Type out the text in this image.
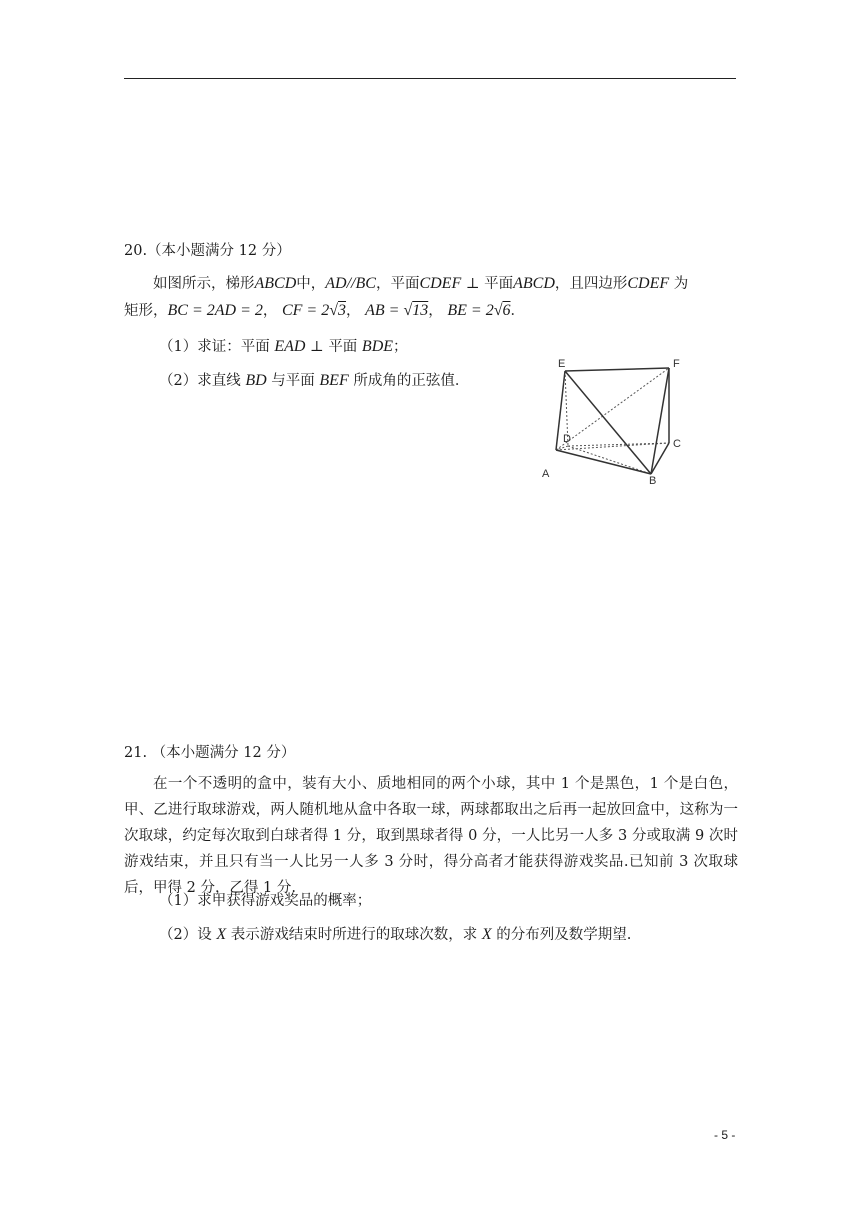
20.（本小题满分 12 分）
如图所示，梯形ABCD中，AD//BC，平面CDEF ⊥ 平面ABCD，且四边形CDEF 为
矩形，BC = 2AD = 2， CF = 2√3， AB = √13， BE = 2√6．
（1）求证：平面 EAD ⊥ 平面 BDE；
（2）求直线 BD 与平面 BEF 所成角的正弦值．
E	F
D	C
A
B
21. （本小题满分 12 分）
在一个不透明的盒中，装有大小、质地相同的两个小球，其中 1 个是黑色，1 个是白色，甲、乙进行取球游戏，两人随机地从盒中各取一球，两球都取出之后再一起放回盒中，这称为一次取球，约定每次取到白球者得 1 分，取到黑球者得 0 分，一人比另一人多 3 分或取满 9 次时游戏结束，并且只有当一人比另一人多 3 分时，得分高者才能获得游戏奖品.已知前 3 次取球后，甲得 2 分，乙得 1 分.
（1）求甲获得游戏奖品的概率；
（2）设 X 表示游戏结束时所进行的取球次数，求 X 的分布列及数学期望.
- 5 -
